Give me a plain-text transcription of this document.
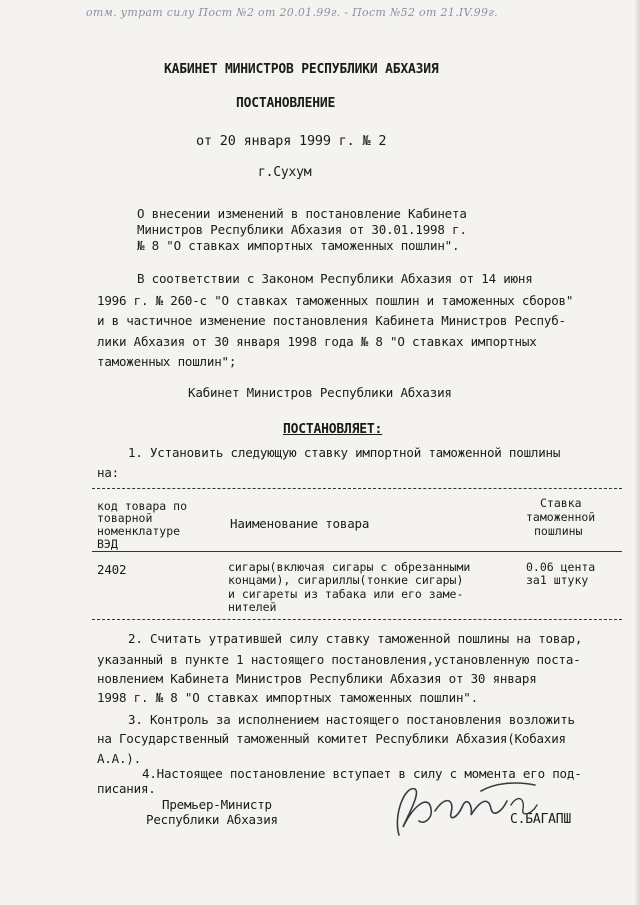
отм. утрат силу Пост №2 от 20.01.99г. - Пост №52 от 21.IV.99г.
КАБИНЕТ МИНИСТРОВ РЕСПУБЛИКИ АБХАЗИЯ
ПОСТАНОВЛЕНИЕ
от 20 января 1999 г. № 2
г.Сухум
О внесении изменений в постановление Кабинета
Министров Республики Абхазия от 30.01.1998 г.
№ 8 "О ставках импортных таможенных пошлин".
В соответствии с Законом Республики Абхазия от 14 июня
1996 г. № 260-с "О ставках таможенных пошлин и таможенных сборов"
и в частичное изменение постановления Кабинета Министров Респуб-
лики Абхазия от 30 января 1998 года № 8 "О ставках импортных
таможенных пошлин";
Кабинет Министров Республики Абхазия
ПОСТАНОВЛЯЕТ:
1. Установить следующую ставку импортной таможенной пошлины
на:
код товара по
товарной
номенклатуре
ВЭД
Наименование товара
Ставка
таможенной
пошлины
2402	сигары(включая сигары с обрезанными
концами), сигариллы(тонкие сигары)
и сигареты из табака или его заме-
нителей
0.06 цента
за1 штуку
2. Считать утратившей силу ставку таможенной пошлины на товар,
указанный в пункте 1 настоящего постановления,установленную поста-
новлением Кабинета Министров Республики Абхазия от 30 января
1998 г. № 8 "О ставках импортных таможенных пошлин".
3. Контроль за исполнением настоящего постановления возложить
на Государственный таможенный комитет Республики Абхазия(Кобахия
А.А.).
4.Настоящее постановление вступает в силу с момента его под-
писания.
Премьер-Министр
Республики Абхазия	С.БАГАПШ
